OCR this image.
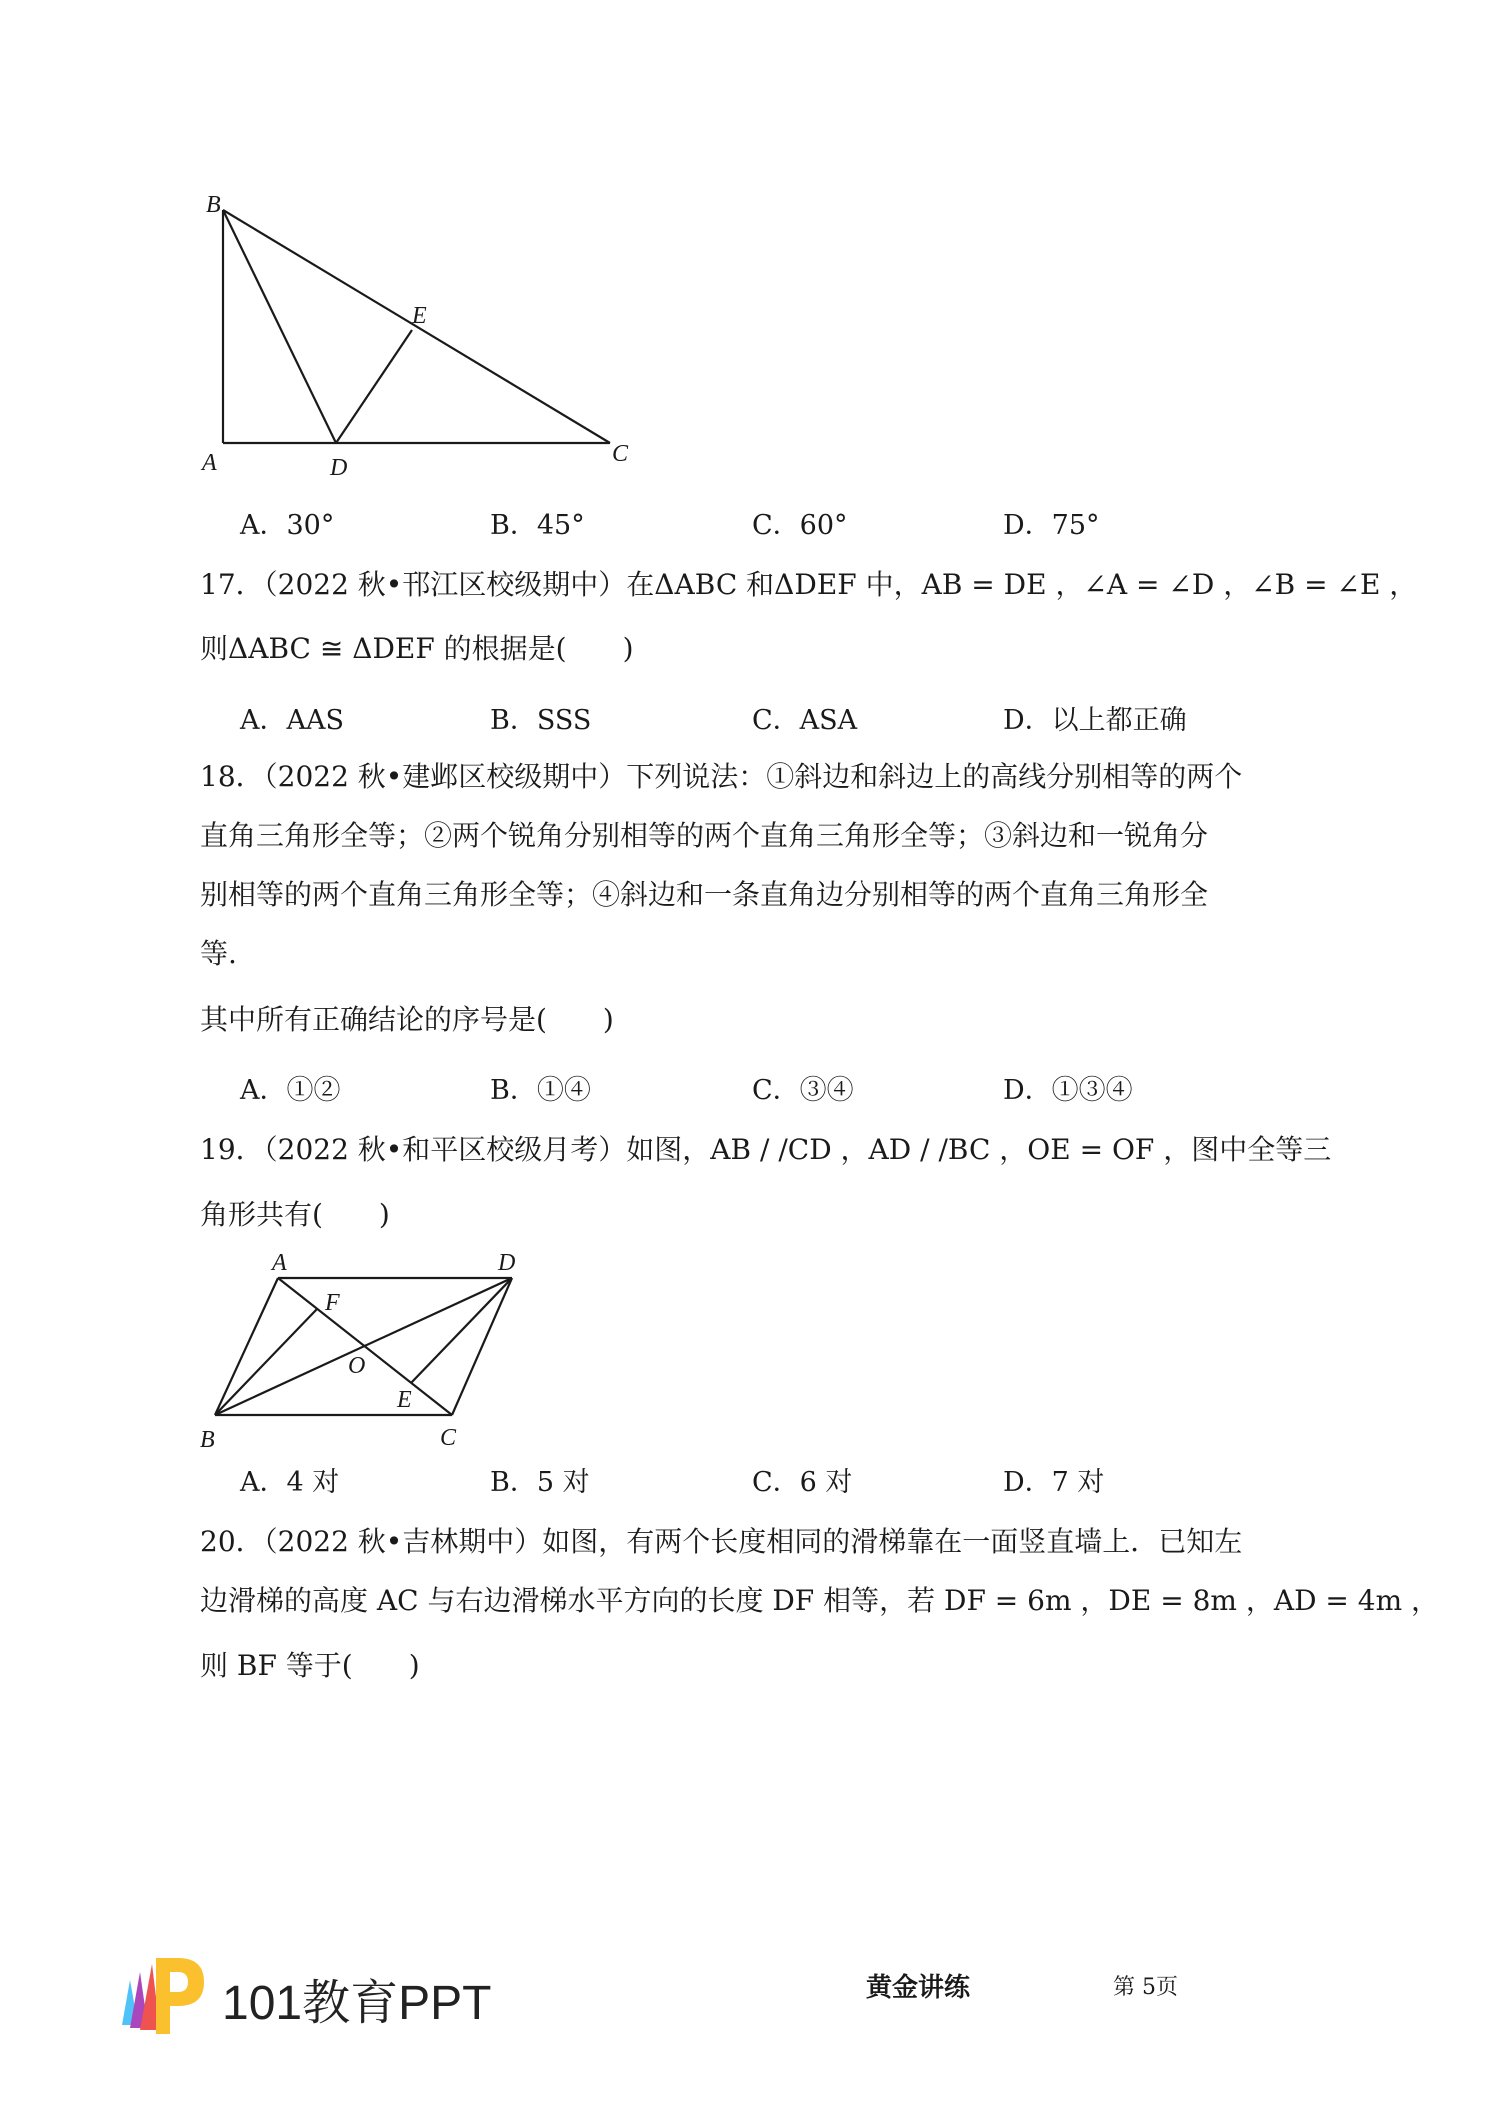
B
E
A	D
C
A．30°	B．45°	C．60°	D．75°
17．（2022 秋•邗江区校级期中）在ΔABC 和ΔDEF 中，AB = DE ，∠A = ∠D ，∠B = ∠E ，
则ΔABC ≅ ΔDEF 的根据是(　　)
A．AAS	B．SSS	C．ASA	D．以上都正确
18．（2022 秋•建邺区校级期中）下列说法：①斜边和斜边上的高线分别相等的两个
直角三角形全等；②两个锐角分别相等的两个直角三角形全等；③斜边和一锐角分
别相等的两个直角三角形全等；④斜边和一条直角边分别相等的两个直角三角形全
等.
其中所有正确结论的序号是(　　)
A．①②	B．①④	C．③④	D．①③④
19．（2022 秋•和平区校级月考）如图，AB / /CD ，AD / /BC ，OE = OF ，图中全等三
角形共有(　　)
A	D
F
O
E
B	C
A．4 对	B．5 对	C．6 对	D．7 对
20．（2022 秋•吉林期中）如图，有两个长度相同的滑梯靠在一面竖直墙上．已知左
边滑梯的高度 AC 与右边滑梯水平方向的长度 DF 相等，若 DF = 6m ，DE = 8m ，AD = 4m ，
则 BF 等于(　　)
101教育PPT	黄金讲练	第 5页
